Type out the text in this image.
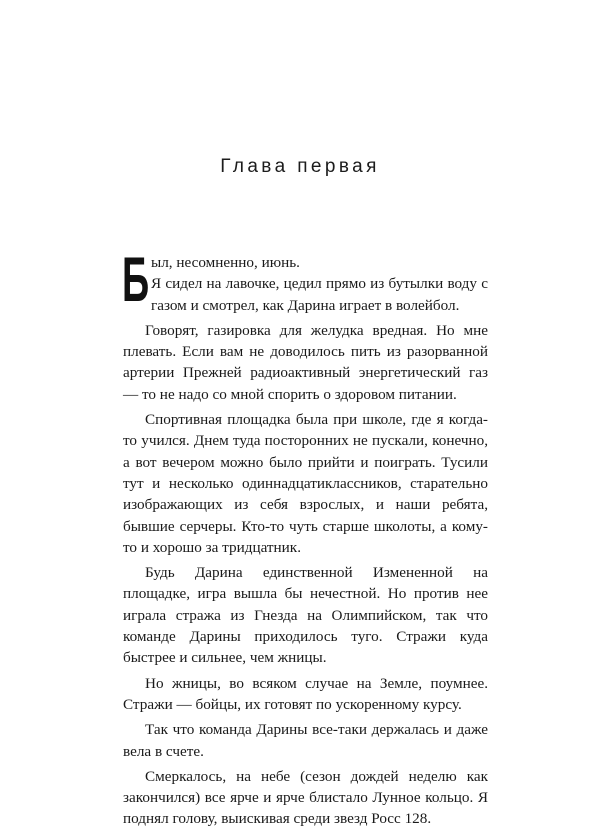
Глава первая

Б ыл, несомненно, июнь.
Я сидел на лавочке, цедил прямо из бутылки воду с газом и смотрел, как Дарина играет в волейбол.

Говорят, газировка для желудка вредная. Но мне плевать. Если вам не доводилось пить из разорванной артерии Прежней радиоактивный энергетический газ — то не надо со мной спорить о здоровом питании.

Спортивная площадка была при школе, где я когда-то учился. Днем туда посторонних не пускали, конечно, а вот вечером можно было прийти и поиграть. Тусили тут и несколько одиннадцатиклассников, старательно изображающих из себя взрослых, и наши ребята, бывшие серчеры. Кто-то чуть старше школоты, а кому-то и хорошо за тридцатник.

Будь Дарина единственной Измененной на площадке, игра вышла бы нечестной. Но против нее играла стража из Гнезда на Олимпийском, так что команде Дарины приходилось туго. Стражи куда быстрее и сильнее, чем жницы.

Но жницы, во всяком случае на Земле, поумнее. Стражи — бойцы, их готовят по ускоренному курсу.

Так что команда Дарины все-таки держалась и даже вела в счете.

Смеркалось, на небе (сезон дождей неделю как закончился) все ярче и ярче блистало Лунное кольцо. Я поднял голову, выискивая среди звезд Росс 128.
